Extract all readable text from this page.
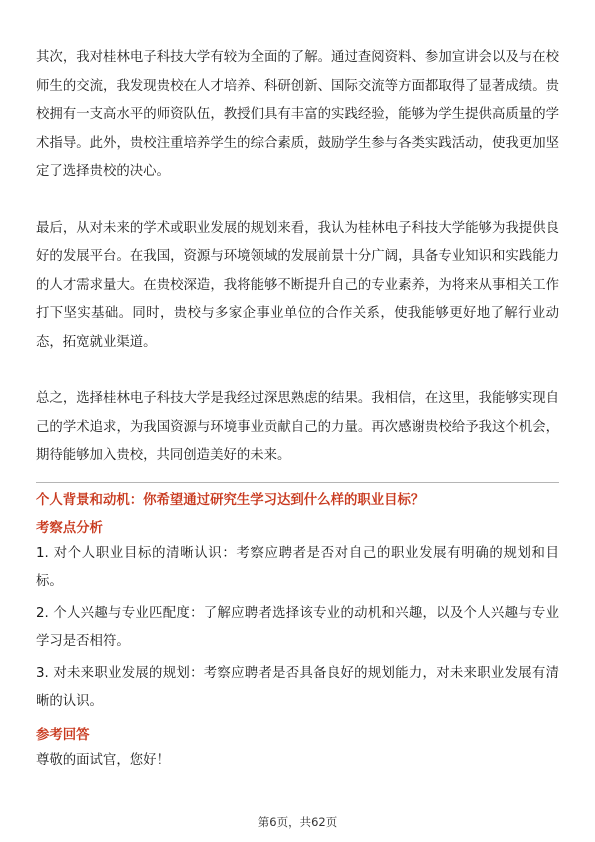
其次，我对桂林电子科技大学有较为全面的了解。通过查阅资料、参加宣讲会以及与在校师生的交流，我发现贵校在人才培养、科研创新、国际交流等方面都取得了显著成绩。贵校拥有一支高水平的师资队伍，教授们具有丰富的实践经验，能够为学生提供高质量的学术指导。此外，贵校注重培养学生的综合素质，鼓励学生参与各类实践活动，使我更加坚定了选择贵校的决心。

最后，从对未来的学术或职业发展的规划来看，我认为桂林电子科技大学能够为我提供良好的发展平台。在我国，资源与环境领域的发展前景十分广阔，具备专业知识和实践能力的人才需求量大。在贵校深造，我将能够不断提升自己的专业素养，为将来从事相关工作打下坚实基础。同时，贵校与多家企事业单位的合作关系，使我能够更好地了解行业动态，拓宽就业渠道。

总之，选择桂林电子科技大学是我经过深思熟虑的结果。我相信，在这里，我能够实现自己的学术追求，为我国资源与环境事业贡献自己的力量。再次感谢贵校给予我这个机会，期待能够加入贵校，共同创造美好的未来。

个人背景和动机：你希望通过研究生学习达到什么样的职业目标？

考察点分析

1. 对个人职业目标的清晰认识：考察应聘者是否对自己的职业发展有明确的规划和目标。

2. 个人兴趣与专业匹配度：了解应聘者选择该专业的动机和兴趣，以及个人兴趣与专业学习是否相符。

3. 对未来职业发展的规划：考察应聘者是否具备良好的规划能力，对未来职业发展有清晰的认识。

参考回答

尊敬的面试官，您好！

第6页，共62页
